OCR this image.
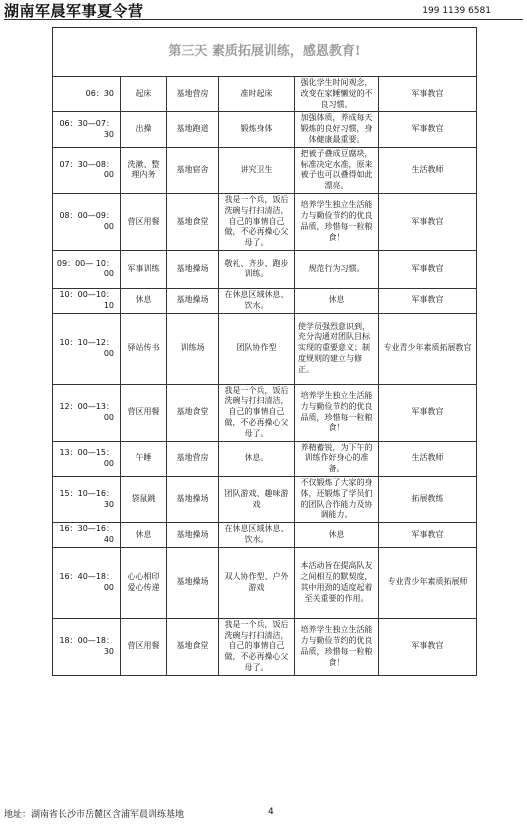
湖南军晨军事夏令营	199 1139 6581
第三天 素质拓展训练，感恩教育!					
06：30	起床	基地营房	准时起床	强化学生时间观念，改变在家睡懒觉的不良习惯。	军事教官
06：30—07：30	出操	基地跑道	锻炼身体	加强体质，养成每天锻炼的良好习惯，身体健康最重要。	军事教官
07：30—08：00	洗漱、整理内务	基地宿舍	讲究卫生	把被子叠成豆腐块，标准决定水准，原来被子也可以叠得如此漂亮。	生活教师
08：00—09：00	营区用餐	基地食堂	我是一个兵，饭后洗碗与打扫清洁，自己的事情自己做，不必再操心父母了。	培养学生独立生活能力与勤俭节约的优良品质，珍惜每一粒粮食！	军事教官
09：00— 10：00	军事训练	基地操场	敬礼、齐步、跑步训练。	规范行为习惯。	军事教官
10：00—10：10	休息	基地操场	在休息区域休息、饮水。	休息	军事教官
10：10—12：00	驿站传书	训练场	团队协作型	使学员强烈意识到，充分沟通对团队目标实现的重要意义；制度规则的建立与修正。	专业青少年素质拓展教官
12：00—13：00	营区用餐	基地食堂	我是一个兵，饭后洗碗与打扫清洁，自己的事情自己做，不必再操心父母了。	培养学生独立生活能力与勤俭节约的优良品质，珍惜每一粒粮食！	军事教官
13：00—15：00	午睡	基地营房	休息。	养精蓄锐，为下午的训练作好身心的准备。	生活教师
15：10—16：30	袋鼠跳	基地操场	团队游戏、趣味游戏	不仅锻炼了大家的身体，还锻炼了学员们的团队合作能力及协调能力。	拓展教练
16：30—16：40	休息	基地操场	在休息区域休息、饮水。	休息	军事教官
16：40—18：00	心心相印爱心传递	基地操场	双人协作型、户外游戏	本活动旨在提高队友之间相互的默契度，其中用劲的适度起着至关重要的作用。	专业青少年素质拓展师
18：00—18：30	营区用餐	基地食堂	我是一个兵，饭后洗碗与打扫清洁，自己的事情自己做，不必再操心父母了。	培养学生独立生活能力与勤俭节约的优良品质，珍惜每一粒粮食！	军事教官
地址：湖南省长沙市岳麓区含浦军晨训练基地	4
